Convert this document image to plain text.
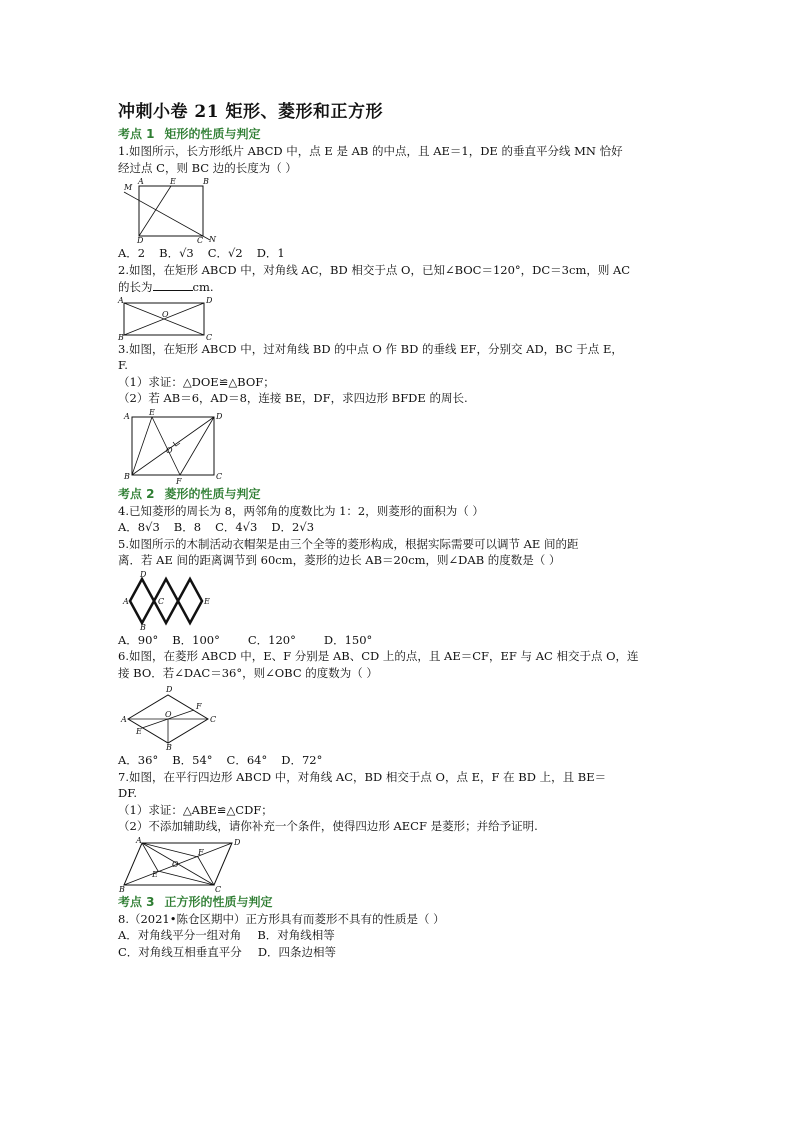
冲刺小卷 21 矩形、菱形和正方形
考点 1 矩形的性质与判定
1.如图所示，长方形纸片 ABCD 中，点 E 是 AB 的中点，且 AE＝1，DE 的垂直平分线 MN 恰好
经过点 C，则 BC 边的长度为（ ）
A	E	B
M
D	C N
A．2 B．√3 C．√2 D．1
2.如图，在矩形 ABCD 中，对角线 AC，BD 相交于点 O，已知∠BOC＝120°，DC＝3cm，则 AC
的长为	cm.
A	D
O
B	C
3.如图，在矩形 ABCD 中，过对角线 BD 的中点 O 作 BD 的垂线 EF，分别交 AD，BC 于点 E，
F.
（1）求证：△DOE≌△BOF；
（2）若 AB＝6，AD＝8，连接 BE，DF，求四边形 BFDE 的周长.
A E	D
O
B
F
C
考点 2 菱形的性质与判定
4.已知菱形的周长为 8，两邻角的度数比为 1：2，则菱形的面积为（ ）
A．8√3 B．8 C．4√3 D．2√3
5.如图所示的木制活动衣帽架是由三个全等的菱形构成，根据实际需要可以调节 AE 间的距
离．若 AE 间的距离调节到 60cm，菱形的边长 AB＝20cm，则∠DAB 的度数是（ ）
A
D
C
B
E
A．90° B．100° C．120° D．150°
6.如图，在菱形 ABCD 中，E、F 分别是 AB、CD 上的点，且 AE＝CF，EF 与 AC 相交于点 O，连
接 BO．若∠DAC＝36°，则∠OBC 的度数为（ ）
D
F
A
O
C
E
B
A．36° B．54° C．64° D．72°
7.如图，在平行四边形 ABCD 中，对角线 AC，BD 相交于点 O，点 E，F 在 BD 上，且 BE＝
DF.
（1）求证：△ABE≌△CDF；
（2）不添加辅助线，请你补充一个条件，使得四边形 AECF 是菱形；并给予证明.
A	D
F
O
E
B	C
考点 3 正方形的性质与判定
8.（2021•陈仓区期中）正方形具有而菱形不具有的性质是（ ）
A．对角线平分一组对角 B．对角线相等
C．对角线互相垂直平分 D．四条边相等
